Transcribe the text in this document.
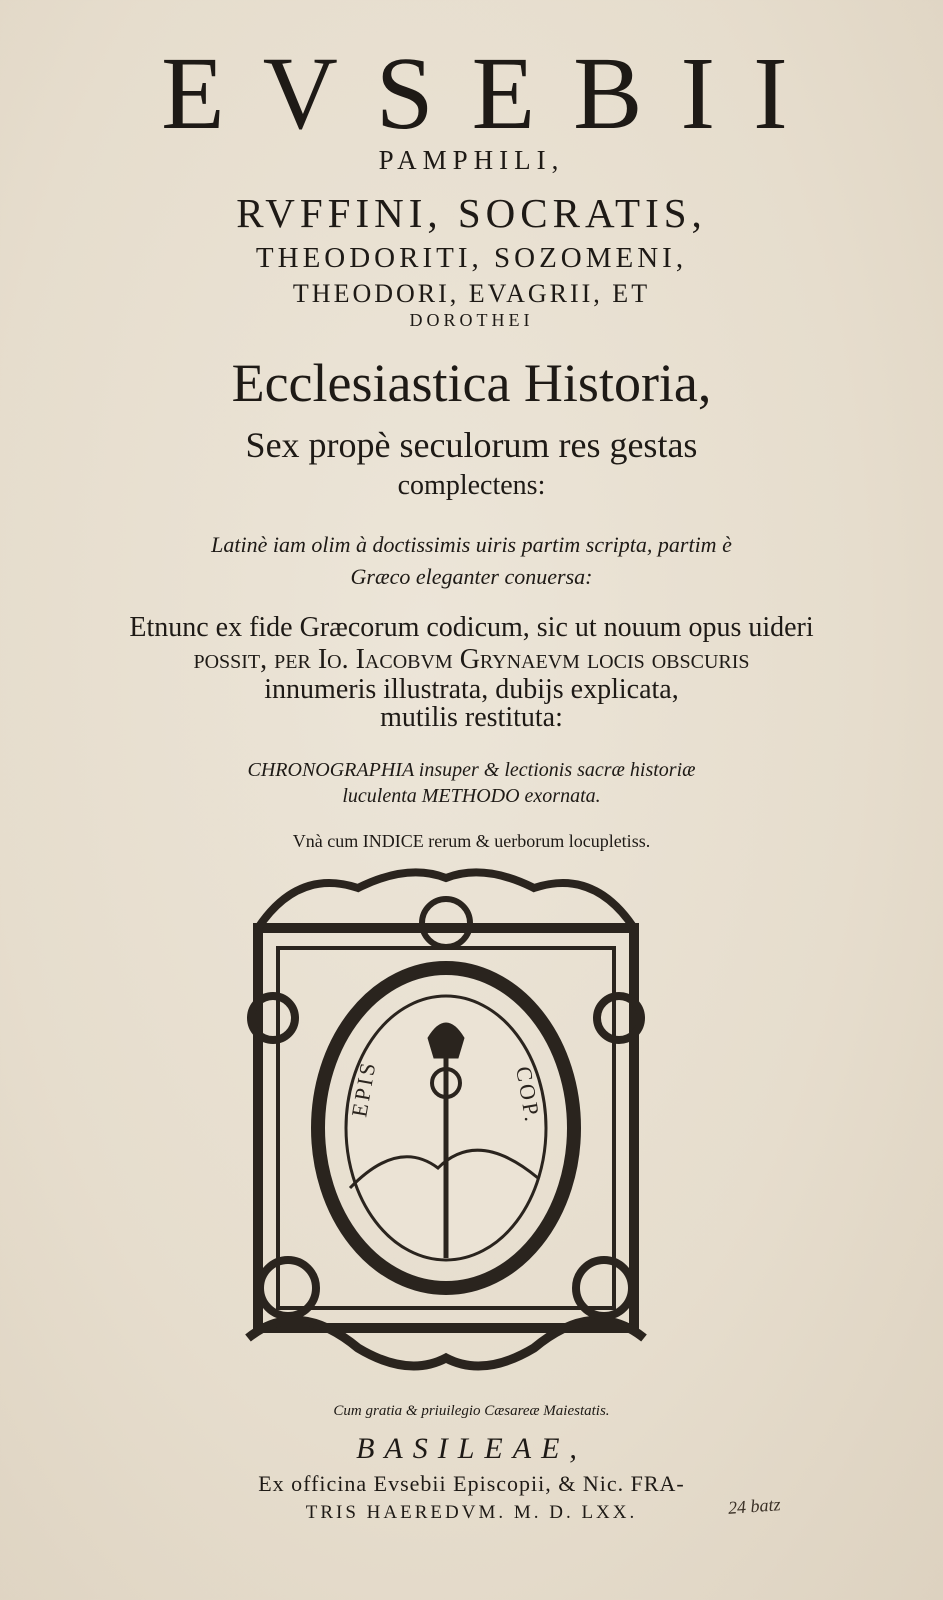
EVSEBII
PAMPHILI,
RVFFINI, SOCRATIS,
THEODORITI, SOZOMENI,
THEODORI, EVAGRII, ET
DOROTHEI
Ecclesiastica Historia,
Sex propè seculorum res gestas
complectens:
Latinè iam olim à doctissimis uiris partim scripta, partim è
Græco eleganter conuersa:
Etnunc ex fide Græcorum codicum, sic ut nouum opus uideri
possit, per Io. Iacobvm Grynaevm locis obscuris
innumeris illustrata, dubijs explicata,
mutilis restituta:
CHRONOGRAPHIA insuper & lectionis sacræ historiæ
luculenta METHODO exornata.
Vnà cum INDICE rerum & uerborum locupletiss.
EPIS	COP.
Cum gratia & priuilegio Cæsareæ Maiestatis.
BASILEAE,
Ex officina Evsebii Episcopii, & Nic. FRA-
TRIS HAEREDVM. M. D. LXX.	24 batz
